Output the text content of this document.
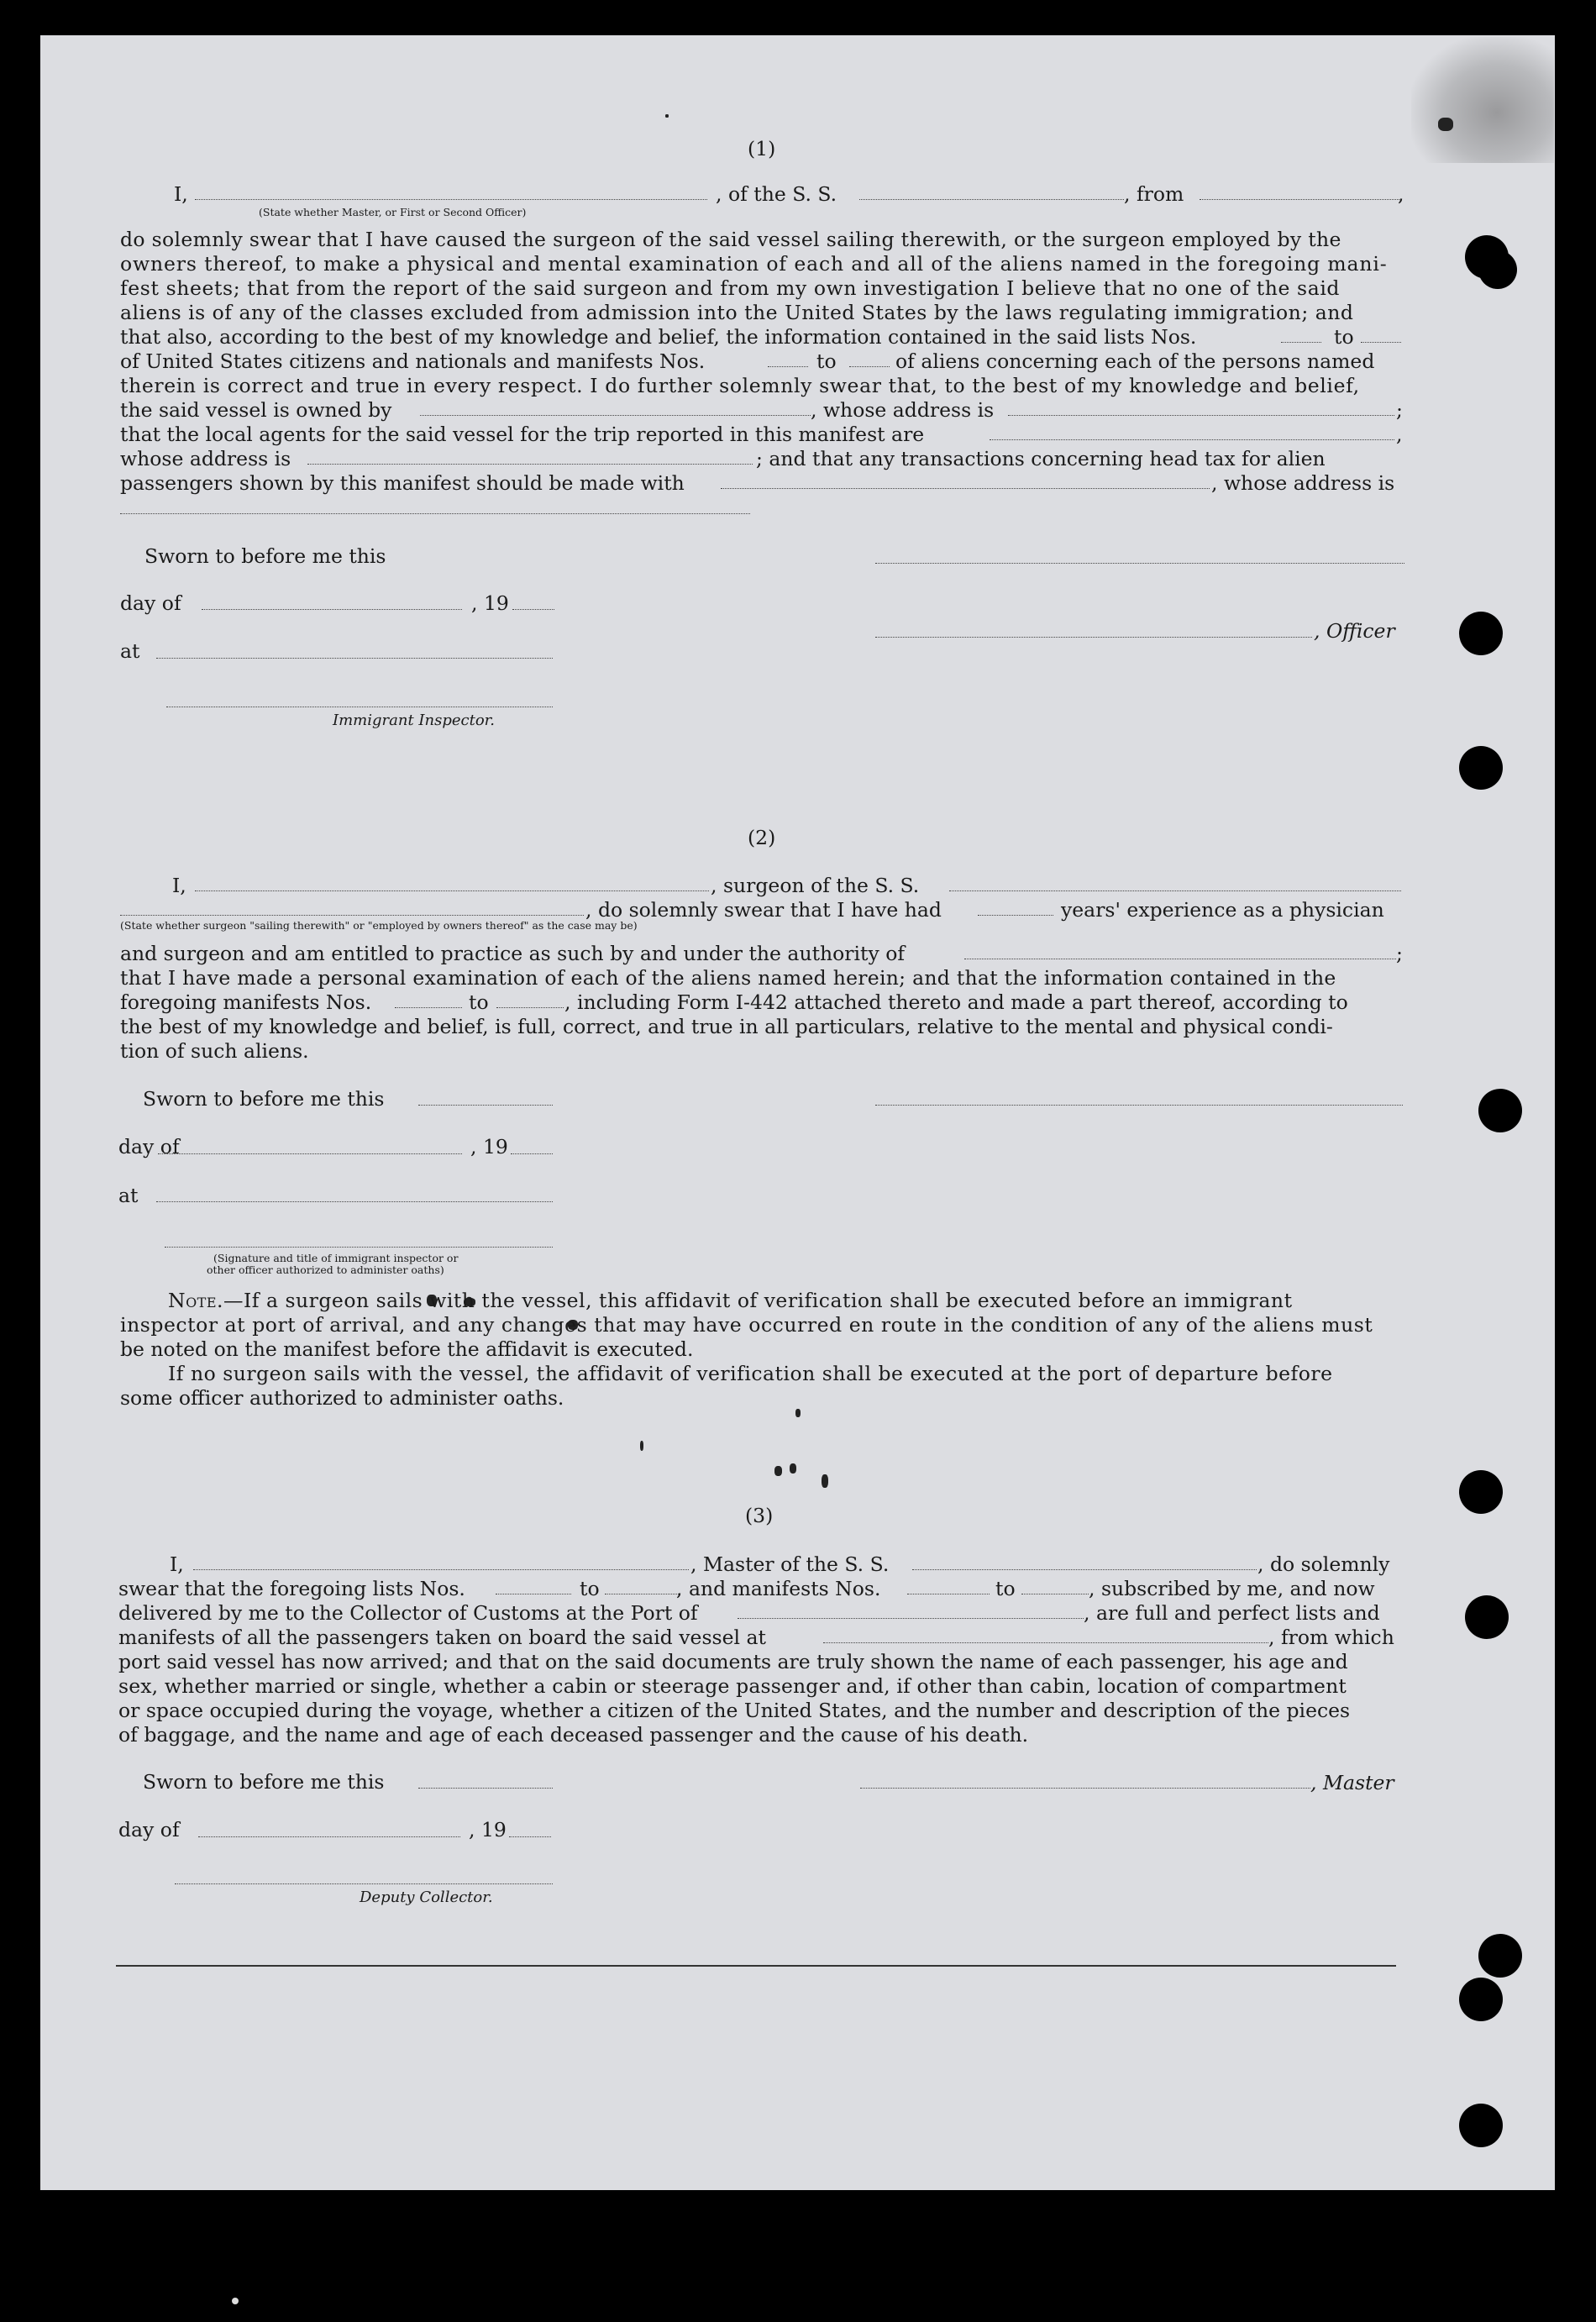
(1)
I,	, of the S. S.	, from	,
(State whether Master, or First or Second Officer)
do solemnly swear that I have caused the surgeon of the said vessel sailing therewith, or the surgeon employed by the
owners thereof, to make a physical and mental examination of each and all of the aliens named in the foregoing mani-
fest sheets; that from the report of the said surgeon and from my own investigation I believe that no one of the said
aliens is of any of the classes excluded from admission into the United States by the laws regulating immigration; and
that also, according to the best of my knowledge and belief, the information contained in the said lists Nos.	to
of United States citizens and nationals and manifests Nos.	to	of aliens concerning each of the persons named
therein is correct and true in every respect. I do further solemnly swear that, to the best of my knowledge and belief,
the said vessel is owned by	, whose address is	;
that the local agents for the said vessel for the trip reported in this manifest are	,
whose address is	; and that any transactions concerning head tax for alien
passengers shown by this manifest should be made with	, whose address is
Sworn to before me this
day of	, 19
, Officer
at
Immigrant Inspector.
(2)
I,	, surgeon of the S. S.
, do solemnly swear that I have had	years' experience as a physician
(State whether surgeon "sailing therewith" or "employed by owners thereof" as the case may be)
and surgeon and am entitled to practice as such by and under the authority of	;
that I have made a personal examination of each of the aliens named herein; and that the information contained in the
foregoing manifests Nos.	to	, including Form I-442 attached thereto and made a part thereof, according to
the best of my knowledge and belief, is full, correct, and true in all particulars, relative to the mental and physical condi-
tion of such aliens.
Sworn to before me this
day of	, 19
at
(Signature and title of immigrant inspector or
other officer authorized to administer oaths)
Note.—If a surgeon sails with the vessel, this affidavit of verification shall be executed before an immigrant
inspector at port of arrival, and any changes that may have occurred en route in the condition of any of the aliens must
be noted on the manifest before the affidavit is executed.
If no surgeon sails with the vessel, the affidavit of verification shall be executed at the port of departure before
some officer authorized to administer oaths.
(3)
I,	, Master of the S. S.	, do solemnly
swear that the foregoing lists Nos.	to	, and manifests Nos.	to	, subscribed by me, and now
delivered by me to the Collector of Customs at the Port of	, are full and perfect lists and
manifests of all the passengers taken on board the said vessel at	, from which
port said vessel has now arrived; and that on the said documents are truly shown the name of each passenger, his age and
sex, whether married or single, whether a cabin or steerage passenger and, if other than cabin, location of compartment
or space occupied during the voyage, whether a citizen of the United States, and the number and description of the pieces
of baggage, and the name and age of each deceased passenger and the cause of his death.
Sworn to before me this	, Master
day of	, 19
Deputy Collector.
